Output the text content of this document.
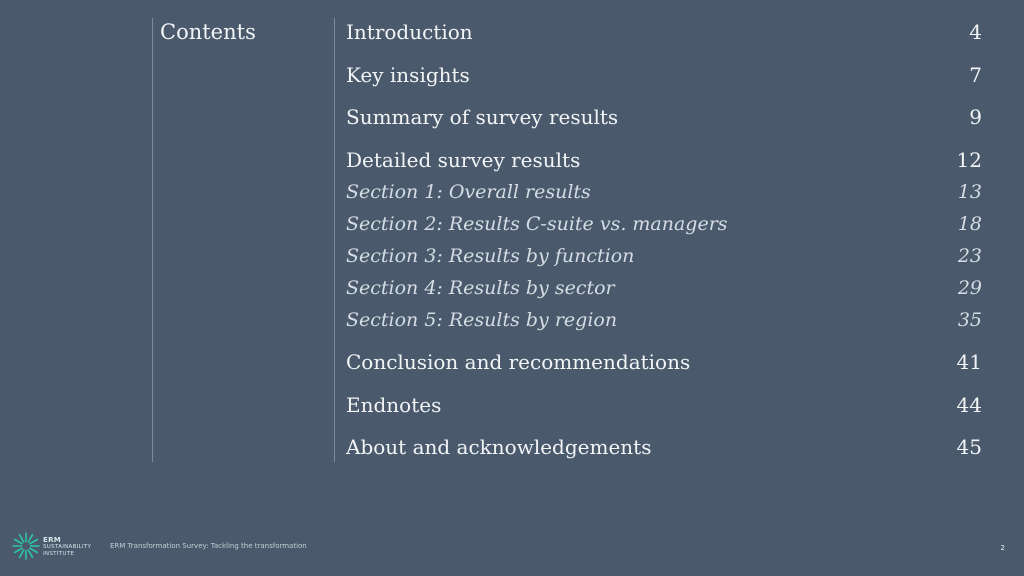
Contents	Introduction	4
Key insights	7
Summary of survey results	9
Detailed survey results	12
Section 1: Overall results	13
Section 2: Results C-suite vs. managers	18
Section 3: Results by function	23
Section 4: Results by sector	29
Section 5: Results by region	35
Conclusion and recommendations	41
Endnotes	44
About and acknowledgements	45
ERM
SUSTAINABILITY
INSTITUTE
ERM Transformation Survey: Tackling the transformation	2
